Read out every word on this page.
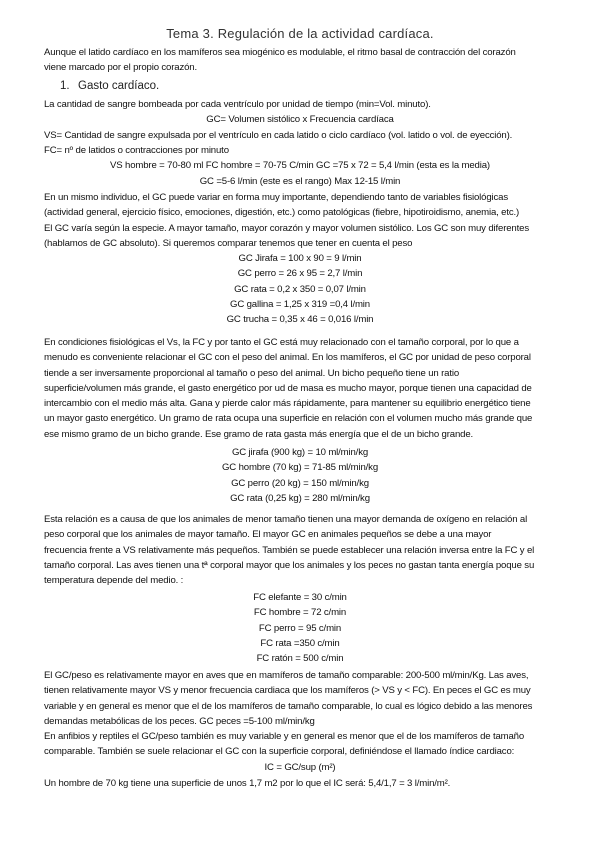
Tema 3. Regulación de la actividad cardíaca.
Aunque el latido cardíaco en los mamíferos sea miogénico es modulable, el ritmo basal de contracción del corazón
viene marcado por el propio corazón.
1. Gasto cardíaco.
La cantidad de sangre bombeada por cada ventrículo por unidad de tiempo (min=Vol. minuto).
GC= Volumen sistólico x Frecuencia cardíaca
VS= Cantidad de sangre expulsada por el ventrículo en cada latido o ciclo cardíaco (vol. latido o vol. de eyección).
FC= nº de latidos o contracciones por minuto
VS hombre = 70-80 ml FC hombre = 70-75 C/min GC =75 x 72 = 5,4 l/min (esta es la media)
GC =5-6 l/min (este es el rango) Max 12-15 l/min
En un mismo individuo, el GC puede variar en forma muy importante, dependiendo tanto de variables fisiológicas
(actividad general, ejercicio físico, emociones, digestión, etc.) como patológicas (fiebre, hipotiroidismo, anemia, etc.)
El GC varía según la especie. A mayor tamaño, mayor corazón y mayor volumen sistólico. Los GC son muy diferentes
(hablamos de GC absoluto). Si queremos comparar tenemos que tener en cuenta el peso
GC Jirafa = 100 x 90 = 9 l/min
GC perro = 26 x 95 = 2,7 l/min
GC rata = 0,2 x 350 = 0,07 l/min
GC gallina = 1,25 x 319 =0,4 l/min
GC trucha = 0,35 x 46 = 0,016 l/min
En condiciones fisiológicas el Vs, la FC y por tanto el GC está muy relacionado con el tamaño corporal, por lo que a
menudo es conveniente relacionar el GC con el peso del animal. En los mamíferos, el GC por unidad de peso corporal
tiende a ser inversamente proporcional al tamaño o peso del animal. Un bicho pequeño tiene un ratio
superficie/volumen más grande, el gasto energético por ud de masa es mucho mayor, porque tienen una capacidad de
intercambio con el medio más alta. Gana y pierde calor más rápidamente, para mantener su equilibrio energético tiene
un mayor gasto energético. Un gramo de rata ocupa una superficie en relación con el volumen mucho más grande que
ese mismo gramo de un bicho grande. Ese gramo de rata gasta más energía que el de un bicho grande.
GC jirafa (900 kg) = 10 ml/min/kg
GC hombre (70 kg) = 71-85 ml/min/kg
GC perro (20 kg) = 150 ml/min/kg
GC rata (0,25 kg) = 280 ml/min/kg
Esta relación es a causa de que los animales de menor tamaño tienen una mayor demanda de oxígeno en relación al
peso corporal que los animales de mayor tamaño. El mayor GC en animales pequeños se debe a una mayor
frecuencia frente a VS relativamente más pequeños. También se puede establecer una relación inversa entre la FC y el
tamaño corporal. Las aves tienen una tª corporal mayor que los animales y los peces no gastan tanta energía poque su
temperatura depende del medio. :
FC elefante = 30 c/min
FC hombre = 72 c/min
FC perro = 95 c/min
FC rata =350 c/min
FC ratón = 500 c/min
El GC/peso es relativamente mayor en aves que en mamíferos de tamaño comparable: 200-500 ml/min/Kg. Las aves,
tienen relativamente mayor VS y menor frecuencia cardiaca que los mamíferos (> VS y < FC). En peces el GC es muy
variable y en general es menor que el de los mamíferos de tamaño comparable, lo cual es lógico debido a las menores
demandas metabólicas de los peces. GC peces =5-100 ml/min/kg
En anfibios y reptiles el GC/peso también es muy variable y en general es menor que el de los mamíferos de tamaño
comparable. También se suele relacionar el GC con la superficie corporal, definiéndose el llamado índice cardiaco:
IC = GC/sup (m²)
Un hombre de 70 kg tiene una superficie de unos 1,7 m2 por lo que el IC será: 5,4/1,7 = 3 l/min/m².
